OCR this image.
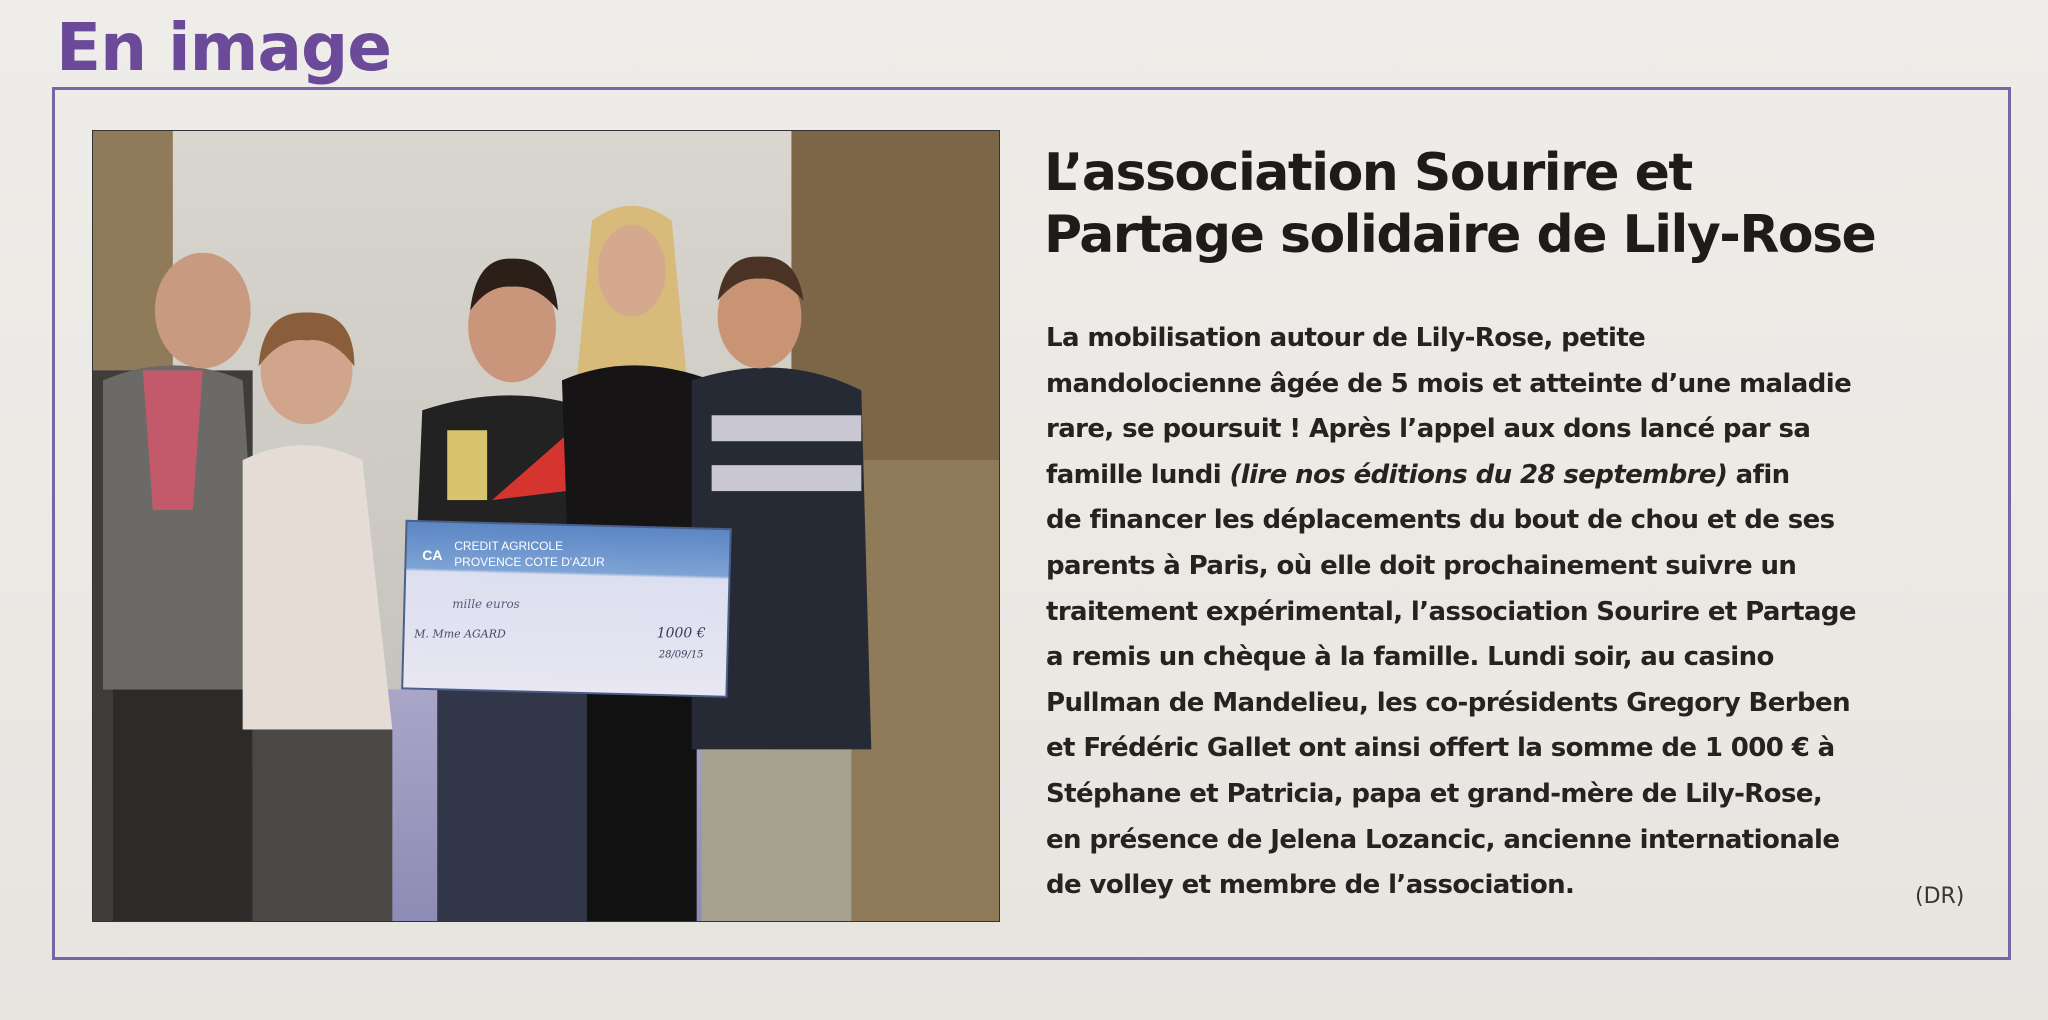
En image
CA
CREDIT AGRICOLE
PROVENCE COTE D'AZUR
mille euros
M. Mme AGARD	1000 €
28/09/15
L’association Sourire et
Partage solidaire de Lily-Rose
La mobilisation autour de Lily-Rose, petite
mandolocienne âgée de 5 mois et atteinte d’une maladie
rare, se poursuit ! Après l’appel aux dons lancé par sa
famille lundi (lire nos éditions du 28 septembre) afin
de financer les déplacements du bout de chou et de ses
parents à Paris, où elle doit prochainement suivre un
traitement expérimental, l’association Sourire et Partage
a remis un chèque à la famille. Lundi soir, au casino
Pullman de Mandelieu, les co-présidents Gregory Berben
et Frédéric Gallet ont ainsi offert la somme de 1 000 € à
Stéphane et Patricia, papa et grand-mère de Lily-Rose,
en présence de Jelena Lozancic, ancienne internationale
de volley et membre de l’association.	(DR)
